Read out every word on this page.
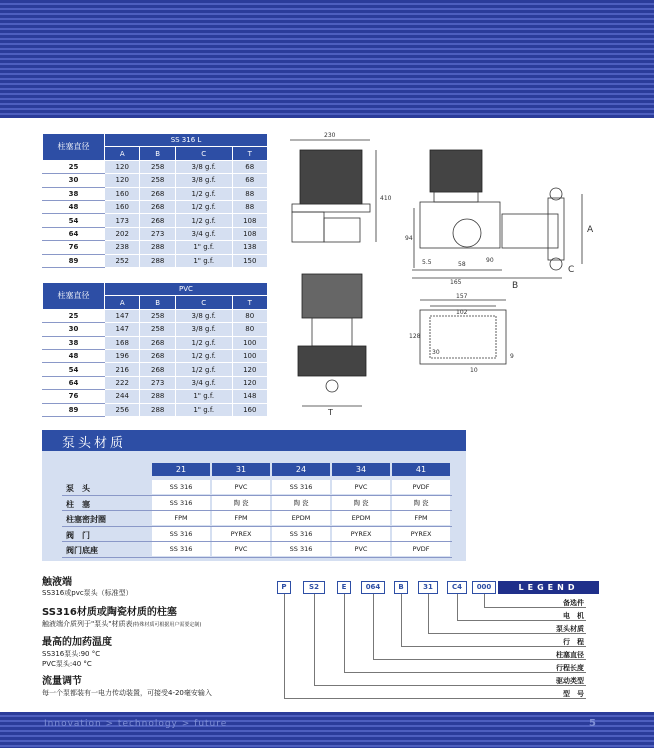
柱塞直径	SS 316 L			
	A	B	C	T
25	120	258	3/8 g.f.	68
30	120	258	3/8 g.f.	68
38	160	268	1/2 g.f.	88
48	160	268	1/2 g.f.	88
54	173	268	1/2 g.f.	108
64	202	273	3/4 g.f.	108
76	238	288	1" g.f.	138
89	252	288	1" g.f.	150
柱塞直径	PVC			
	A	B	C	T
25	147	258	3/8 g.f.	80
30	147	258	3/8 g.f.	80
38	168	268	1/2 g.f.	100
48	196	268	1/2 g.f.	100
54	216	268	1/2 g.f.	120
64	222	273	3/4 g.f.	120
76	244	288	1" g.f.	148
89	256	288	1" g.f.	160
230
410
94
5.5	58
90
165
A
B
C
T
157
102
128
30
10
9
泵头材质
21	31	24	34	41
泵　头	SS 316	PVC	SS 316	PVC	PVDF
柱　塞	SS 316	陶 瓷	陶 瓷	陶 瓷	陶 瓷
柱塞密封圈	FPM	FPM	EPDM	EPDM	FPM
阀　门	SS 316	PYREX	SS 316	PYREX	PYREX
阀门底座	SS 316	PVC	SS 316	PVC	PVDF
触液端
SS316或pvc泵头（标准型）
SS316材质或陶瓷材质的柱塞
触液端介质列于"泵头"材质表(特殊材质可根据用户需要定制)
最高的加药温度
SS316泵头:90 °C
PVC泵头:40 °C
流量调节
每一个泵都装有一电力传动装置，可接受4-20毫安输入
P	S2	E	064	B	31	C4	000	LEGEND
备选件
电　机
泵头材质
行　程
柱塞直径
行程长度
驱动类型
型　号
Innovation > technology > future	5
